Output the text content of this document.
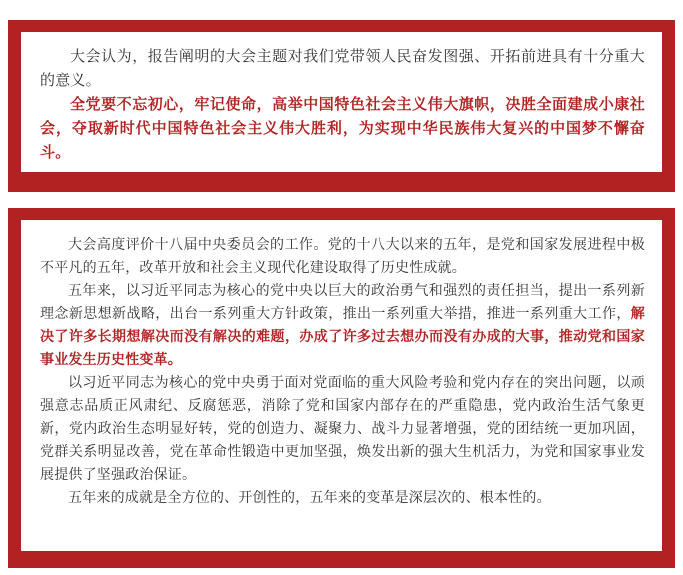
大会认为，报告阐明的大会主题对我们党带领人民奋发图强、开拓前进具有十分重大的意义。

全党要不忘初心，牢记使命，高举中国特色社会主义伟大旗帜，决胜全面建成小康社会，夺取新时代中国特色社会主义伟大胜利，为实现中华民族伟大复兴的中国梦不懈奋斗。

大会高度评价十八届中央委员会的工作。党的十八大以来的五年，是党和国家发展进程中极不平凡的五年，改革开放和社会主义现代化建设取得了历史性成就。

五年来，以习近平同志为核心的党中央以巨大的政治勇气和强烈的责任担当，提出一系列新理念新思想新战略，出台一系列重大方针政策，推出一系列重大举措，推进一系列重大工作，解决了许多长期想解决而没有解决的难题，办成了许多过去想办而没有办成的大事，推动党和国家事业发生历史性变革。

以习近平同志为核心的党中央勇于面对党面临的重大风险考验和党内存在的突出问题，以顽强意志品质正风肃纪、反腐惩恶，消除了党和国家内部存在的严重隐患，党内政治生活气象更新，党内政治生态明显好转，党的创造力、凝聚力、战斗力显著增强，党的团结统一更加巩固，党群关系明显改善，党在革命性锻造中更加坚强，焕发出新的强大生机活力，为党和国家事业发展提供了坚强政治保证。

五年来的成就是全方位的、开创性的，五年来的变革是深层次的、根本性的。
